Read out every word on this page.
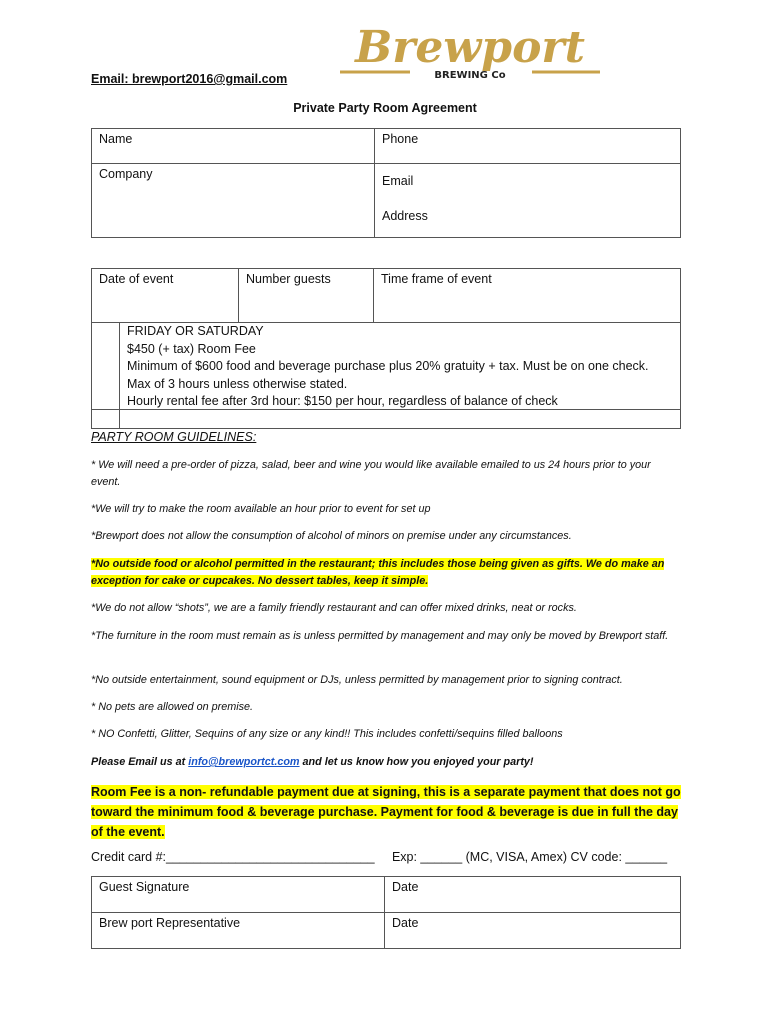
Brewport
BREWING Co
Email: brewport2016@gmail.com
Private Party Room Agreement
Name	Phone

Company	Email
Address
Date of event	Number guests	Time frame of event

FRIDAY OR SATURDAY
$450 (+ tax) Room Fee
Minimum of $600 food and beverage purchase plus 20% gratuity + tax. Must be on one check.
Max of 3 hours unless otherwise stated.
Hourly rental fee after 3rd hour: $150 per hour, regardless of balance of check

PARTY ROOM GUIDELINES:
* We will need a pre-order of pizza, salad, beer and wine you would like available emailed to us 24 hours prior to your event.
*We will try to make the room available an hour prior to event for set up
*Brewport does not allow the consumption of alcohol of minors on premise under any circumstances.
*No outside food or alcohol permitted in the restaurant; this includes those being given as gifts. We do make an exception for cake or cupcakes. No dessert tables, keep it simple.
*We do not allow “shots”, we are a family friendly restaurant and can offer mixed drinks, neat or rocks.
*The furniture in the room must remain as is unless permitted by management and may only be moved by Brewport staff.
*No outside entertainment, sound equipment or DJs, unless permitted by management prior to signing contract.
* No pets are allowed on premise.
* NO Confetti, Glitter, Sequins of any size or any kind!! This includes confetti/sequins filled balloons
Please Email us at info@brewportct.com and let us know how you enjoyed your party!
Room Fee is a non- refundable payment due at signing, this is a separate payment that does not go toward the minimum food & beverage purchase. Payment for food & beverage is due in full the day of the event.
Credit card #:______________________________     Exp: ______ (MC, VISA, Amex) CV code: ______
Guest Signature	Date

Brew port Representative	Date
